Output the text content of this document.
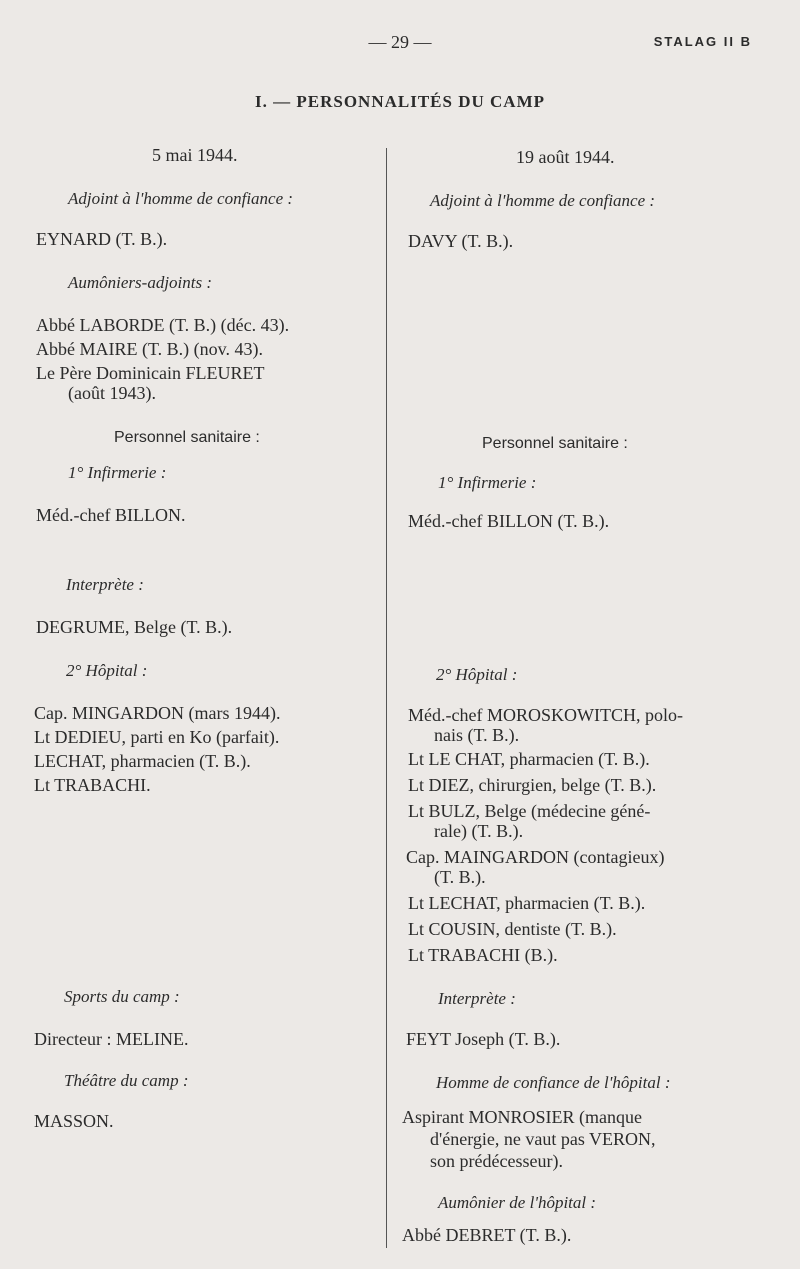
— 29 —	STALAG II B
I. — PERSONNALITÉS DU CAMP
5 mai 1944.
Adjoint à l'homme de confiance :
EYNARD (T. B.).
Aumôniers-adjoints :
Abbé LABORDE (T. B.) (déc. 43).
Abbé MAIRE (T. B.) (nov. 43).
Le Père Dominicain FLEURET
(août 1943).
Personnel sanitaire :
1° Infirmerie :
Méd.-chef BILLON.
Interprète :
DEGRUME, Belge (T. B.).
2° Hôpital :
Cap. MINGARDON (mars 1944).
Lt DEDIEU, parti en Ko (parfait).
LECHAT, pharmacien (T. B.).
Lt TRABACHI.
Sports du camp :
Directeur : MELINE.
Théâtre du camp :
MASSON.
19 août 1944.
Adjoint à l'homme de confiance :
DAVY (T. B.).
Personnel sanitaire :
1° Infirmerie :
Méd.-chef BILLON (T. B.).
2° Hôpital :
Méd.-chef MOROSKOWITCH, polo-
nais (T. B.).
Lt LE CHAT, pharmacien (T. B.).
Lt DIEZ, chirurgien, belge (T. B.).
Lt BULZ, Belge (médecine géné-
rale) (T. B.).
Cap. MAINGARDON (contagieux)
(T. B.).
Lt LECHAT, pharmacien (T. B.).
Lt COUSIN, dentiste (T. B.).
Lt TRABACHI (B.).
Interprète :
FEYT Joseph (T. B.).
Homme de confiance de l'hôpital :
Aspirant MONROSIER (manque
d'énergie, ne vaut pas VERON,
son prédécesseur).
Aumônier de l'hôpital :
Abbé DEBRET (T. B.).
